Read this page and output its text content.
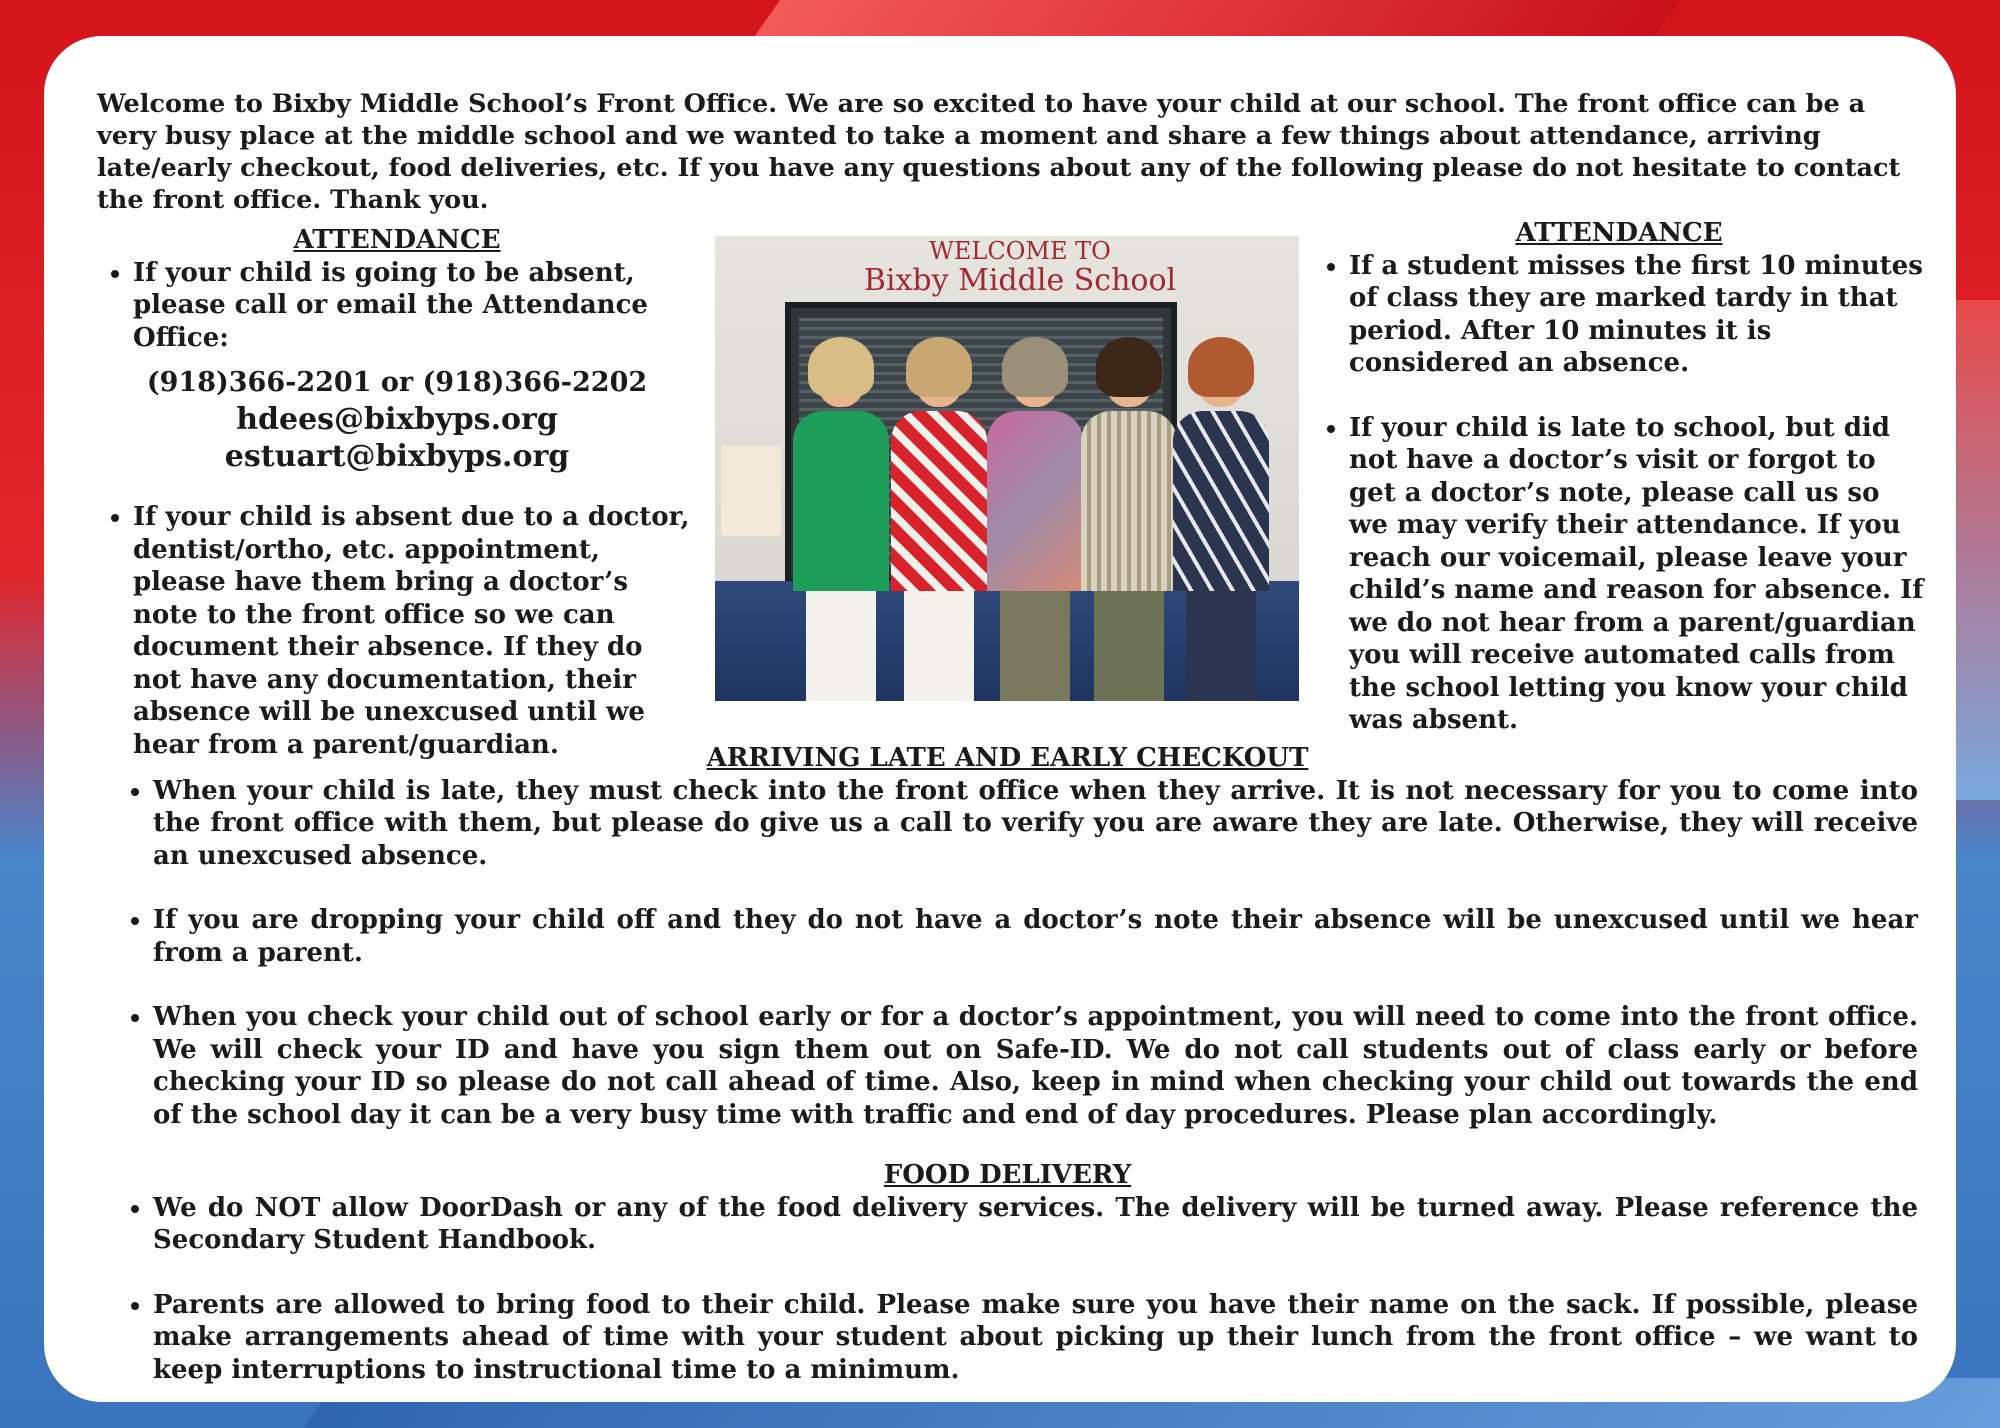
Welcome to Bixby Middle School’s Front Office. We are so excited to have your child at our school. The front office can be a very busy place at the middle school and we wanted to take a moment and share a few things about attendance, arriving late/early checkout, food deliveries, etc. If you have any questions about any of the following please do not hesitate to contact the front office. Thank you.

ATTENDANCE
• If your child is going to be absent, please call or email the Attendance Office:
(918)366-2201 or (918)366-2202
hdees@bixbyps.org
estuart@bixbyps.org
• If your child is absent due to a doctor, dentist/ortho, etc. appointment, please have them bring a doctor’s note to the front office so we can document their absence. If they do not have any documentation, their absence will be unexcused until we hear from a parent/guardian.
WELCOME TO
Bixby Middle School
ATTENDANCE
• If a student misses the first 10 minutes of class they are marked tardy in that period. After 10 minutes it is considered an absence.
• If your child is late to school, but did not have a doctor’s visit or forgot to get a doctor’s note, please call us so we may verify their attendance. If you reach our voicemail, please leave your child’s name and reason for absence. If we do not hear from a parent/guardian you will receive automated calls from the school letting you know your child was absent.
ARRIVING LATE AND EARLY CHECKOUT
• When your child is late, they must check into the front office when they arrive. It is not necessary for you to come into the front office with them, but please do give us a call to verify you are aware they are late. Otherwise, they will receive an unexcused absence.
• If you are dropping your child off and they do not have a doctor’s note their absence will be unexcused until we hear from a parent.
• When you check your child out of school early or for a doctor’s appointment, you will need to come into the front office. We will check your ID and have you sign them out on Safe-ID. We do not call students out of class early or before checking your ID so please do not call ahead of time. Also, keep in mind when checking your child out towards the end of the school day it can be a very busy time with traffic and end of day procedures. Please plan accordingly.
FOOD DELIVERY
• We do NOT allow DoorDash or any of the food delivery services. The delivery will be turned away. Please reference the Secondary Student Handbook.
• Parents are allowed to bring food to their child. Please make sure you have their name on the sack. If possible, please make arrangements ahead of time with your student about picking up their lunch from the front office – we want to keep interruptions to instructional time to a minimum.
